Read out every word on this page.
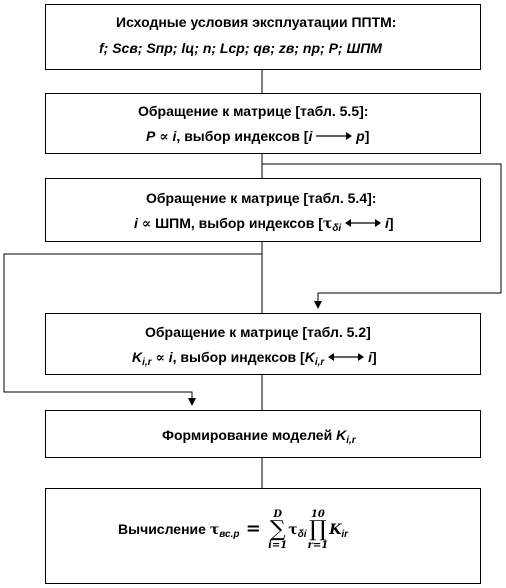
Исходные условия эксплуатации ППТМ:
f; Sсв; Sпр; lц; n; Lср; qв; zв; nр; P; ШПМ
Обращение к матрице [табл. 5.5]:
P ∝ i, выбор индексов [i	p]
Обращение к матрице [табл. 5.4]:
i ∝ ШПМ, выбор индексов [$\tau_{\delta i}$	i]
Обращение к матрице [табл. 5.2]
$K_{i,r} \propto i$, выбор индексов [$K_{i,r}$	i]
Формирование моделей $K_{i,r}$
Вычисление $\tau_{вс.р}$ =
D
∑
i=1
$\tau_{\delta i}$
10
∏
r=1
$K_{ir}$
